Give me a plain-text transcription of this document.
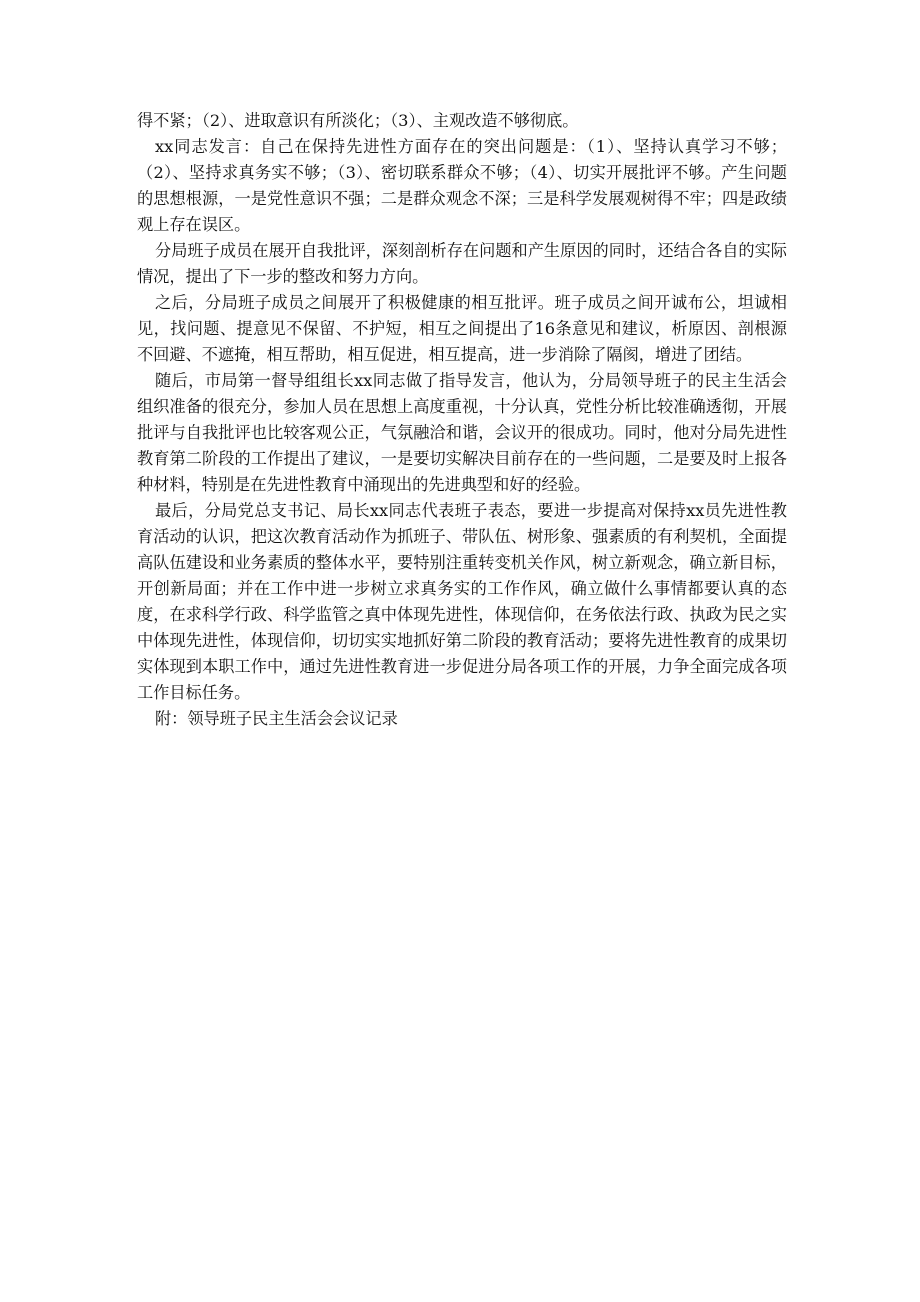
得不紧；（2）、进取意识有所淡化；（3）、主观改造不够彻底。

xx同志发言：自己在保持先进性方面存在的突出问题是：（1）、坚持认真学习不够；（2）、坚持求真务实不够；（3）、密切联系群众不够；（4）、切实开展批评不够。产生问题的思想根源，一是党性意识不强；二是群众观念不深；三是科学发展观树得不牢；四是政绩观上存在误区。

分局班子成员在展开自我批评，深刻剖析存在问题和产生原因的同时，还结合各自的实际情况，提出了下一步的整改和努力方向。

之后，分局班子成员之间展开了积极健康的相互批评。班子成员之间开诚布公，坦诚相见，找问题、提意见不保留、不护短，相互之间提出了16条意见和建议，析原因、剖根源不回避、不遮掩，相互帮助，相互促进，相互提高，进一步消除了隔阂，增进了团结。

随后，市局第一督导组组长xx同志做了指导发言，他认为，分局领导班子的民主生活会组织准备的很充分，参加人员在思想上高度重视，十分认真，党性分析比较准确透彻，开展批评与自我批评也比较客观公正，气氛融洽和谐，会议开的很成功。同时，他对分局先进性教育第二阶段的工作提出了建议，一是要切实解决目前存在的一些问题，二是要及时上报各种材料，特别是在先进性教育中涌现出的先进典型和好的经验。

最后，分局党总支书记、局长xx同志代表班子表态，要进一步提高对保持xx员先进性教育活动的认识，把这次教育活动作为抓班子、带队伍、树形象、强素质的有利契机，全面提高队伍建设和业务素质的整体水平，要特别注重转变机关作风，树立新观念，确立新目标，开创新局面；并在工作中进一步树立求真务实的工作作风，确立做什么事情都要认真的态度，在求科学行政、科学监管之真中体现先进性，体现信仰，在务依法行政、执政为民之实中体现先进性，体现信仰，切切实实地抓好第二阶段的教育活动；要将先进性教育的成果切实体现到本职工作中，通过先进性教育进一步促进分局各项工作的开展，力争全面完成各项工作目标任务。

附：领导班子民主生活会会议记录
